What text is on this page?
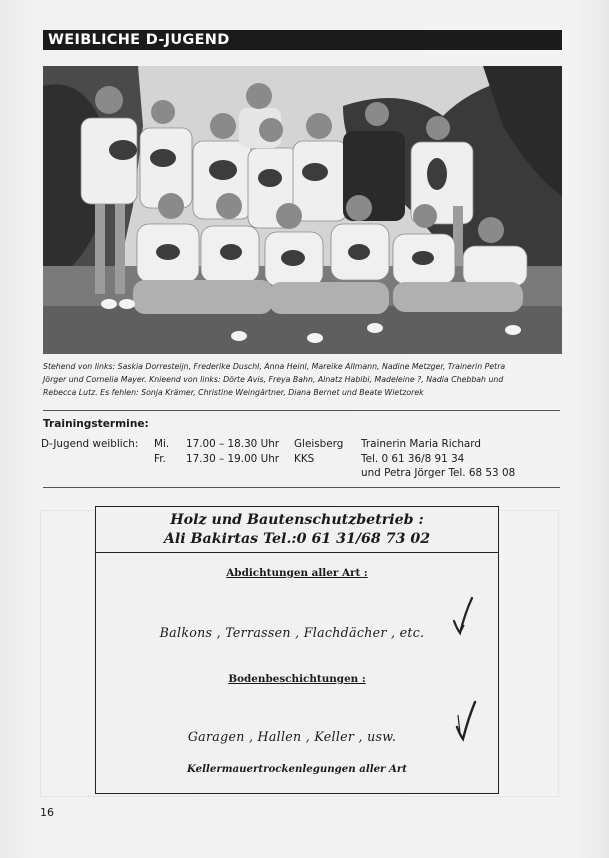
WEIBLICHE D-JUGEND
Stehend von links: Saskia Dorresteijn, Frederike Duschl, Anna Heinl, Mareike Allmann, Nadine Metzger, Trainerin Petra
Jörger und Cornelia Mayer. Knieend von links: Dörte Avis, Freya Bahn, Alnatz Habibi, Madeleine ?, Nadia Chebbah und
Rebecca Lutz. Es fehlen: Sonja Krämer, Christine Weingärtner, Diana Bernet und Beate Wietzorek
Trainingstermine:
D-Jugend weiblich: Mi.
Fr.
17.00 – 18.30 Uhr
17.30 – 19.00 Uhr
Gleisberg
KKS
Trainerin Maria Richard
Tel. 0 61 36/8 91 34
und Petra Jörger Tel. 68 53 08
Holz und Bautenschutzbetrieb :
Ali Bakirtas Tel.:0 61 31/68 73 02
Abdichtungen aller Art :
Balkons , Terrassen , Flachdächer , etc.
Bodenbeschichtungen :
Garagen , Hallen , Keller , usw.
Kellermauertrockenlegungen aller Art
16
